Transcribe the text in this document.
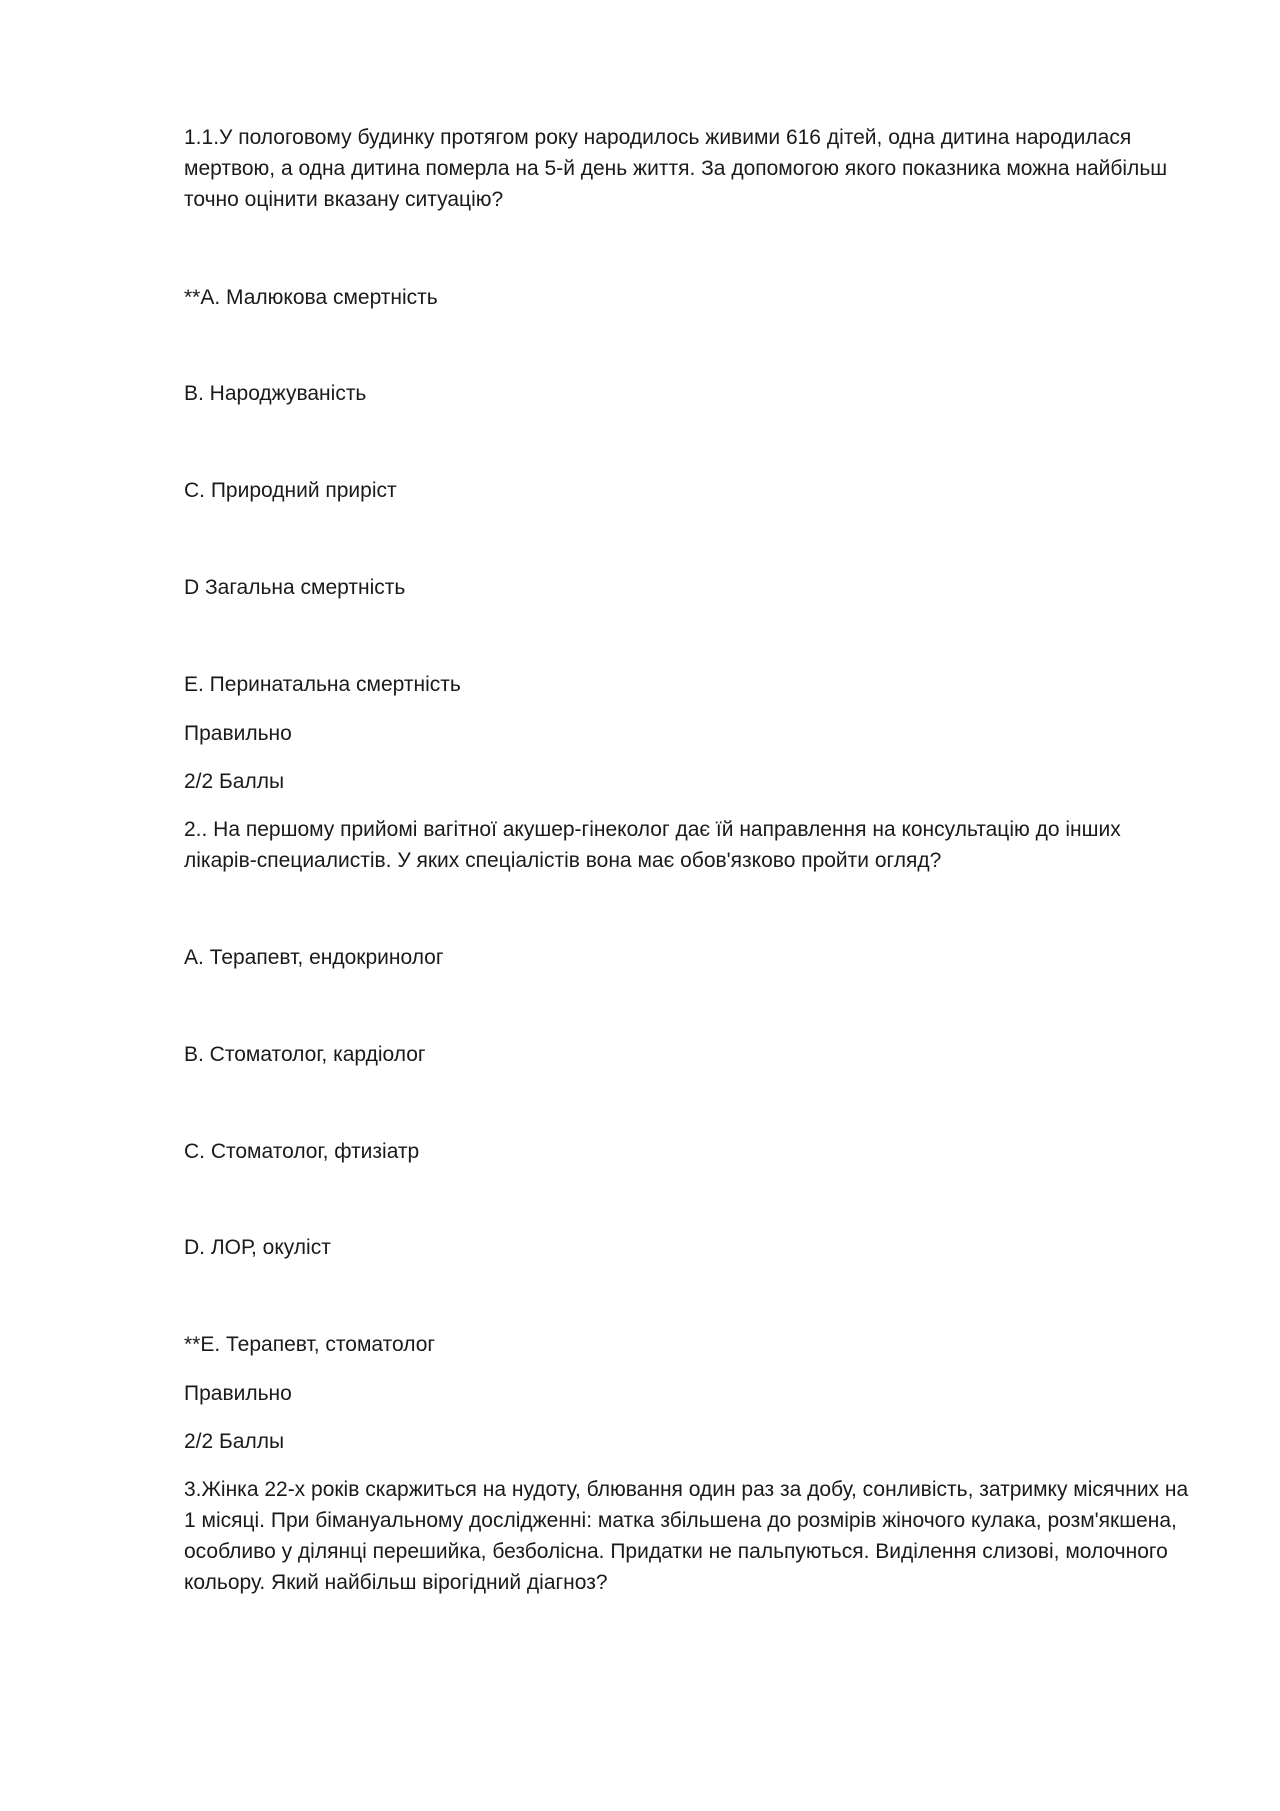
1.1.У пологовому будинку протягом року народилось живими 616 дітей, одна дитина народилася мертвою, а одна дитина померла на 5-й день життя. За допомогою якого показника можна найбільш точно оцінити вказану ситуацію?
**А. Малюкова смертність
В. Народжуваність
С. Природний приріст
D Загальна смертність
Е. Перинатальна смертність
Правильно
2/2 Баллы
2.. На першому прийомі вагітної акушер-гінеколог дає їй направлення на консультацію до інших лікарів-специалистів. У яких спеціалістів вона має обов'язково пройти огляд?
А. Терапевт, ендокринолог
В. Стоматолог, кардіолог
С. Стоматолог, фтизіатр
D. ЛОР, окуліст
**Е. Терапевт, стоматолог
Правильно
2/2 Баллы
3.Жінка 22-х років скаржиться на нудоту, блювання один раз за добу, сонливість, затримку місячних на 1 місяці. При бімануальному дослідженні: матка збільшена до розмірів жіночого кулака, розм'якшена, особливо у ділянці перешийка, безболісна. Придатки не пальпуються. Виділення слизові, молочного кольору. Який найбільш вірогідний діагноз?
